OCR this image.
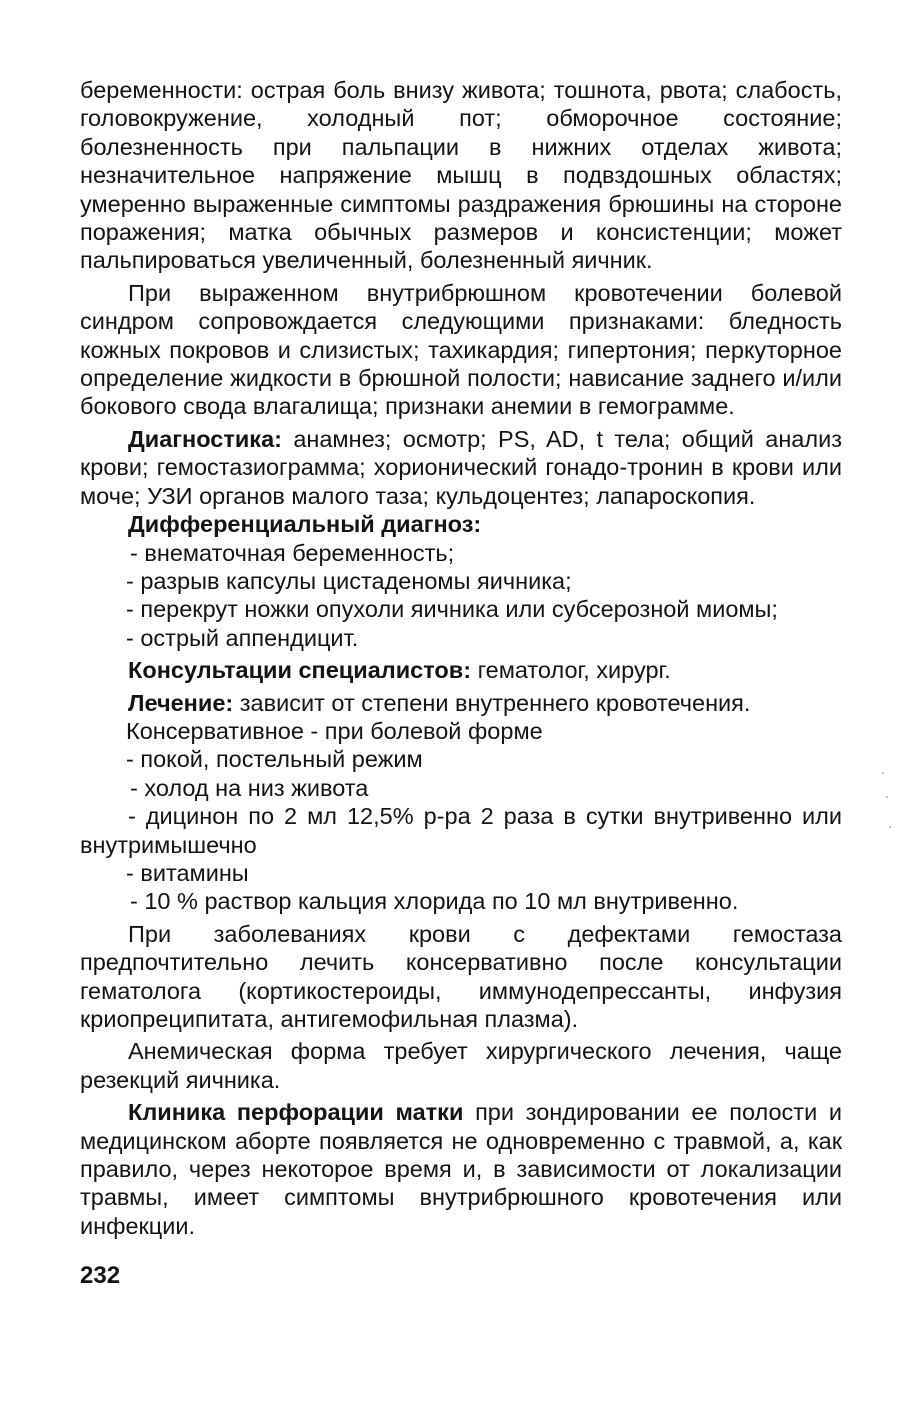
беременности: острая боль внизу живота; тошнота, рвота; слабость, головокружение, холодный пот; обморочное состояние; болезненность при пальпации в нижних отделах живота; незначительное напряжение мышц в подвздошных областях; умеренно выраженные симптомы раздражения брюшины на стороне поражения; матка обычных размеров и консистенции; может пальпироваться увеличенный, болезненный яичник.

При выраженном внутрибрюшном кровотечении болевой синдром сопровождается следующими признаками: бледность кожных покровов и слизистых; тахикардия; гипертония; перкуторное определение жидкости в брюшной полости; нависание заднего и/или бокового свода влагалища; признаки анемии в гемограмме.

Диагностика: анамнез; осмотр; PS, AD, t тела; общий анализ крови; гемостазиограмма; хорионический гонадо-тронин в крови или моче; УЗИ органов малого таза; кульдоцентез; лапароскопия.

Дифференциальный диагноз:

- внематочная беременность;

- разрыв капсулы цистаденомы яичника;

- перекрут ножки опухоли яичника или субсерозной миомы;

- острый аппендицит.

Консультации специалистов: гематолог, хирург.

Лечение: зависит от степени внутреннего кровотечения.

Консервативное - при болевой форме

- покой, постельный режим

- холод на низ живота

- дицинон по 2 мл 12,5% р-ра 2 раза в сутки внутривенно или внутримышечно

- витамины

- 10 % раствор кальция хлорида по 10 мл внутривенно.

При заболеваниях крови с дефектами гемостаза предпочтительно лечить консервативно после консультации гематолога (кортикостероиды, иммунодепрессанты, инфузия криопреципитата, антигемофильная плазма).

Анемическая форма требует хирургического лечения, чаще резекций яичника.

Клиника перфорации матки при зондировании ее полости и медицинском аборте появляется не одновременно с травмой, а, как правило, через некоторое время и, в зависимости от локализации травмы, имеет симптомы внутрибрюшного кровотечения или инфекции.

232
